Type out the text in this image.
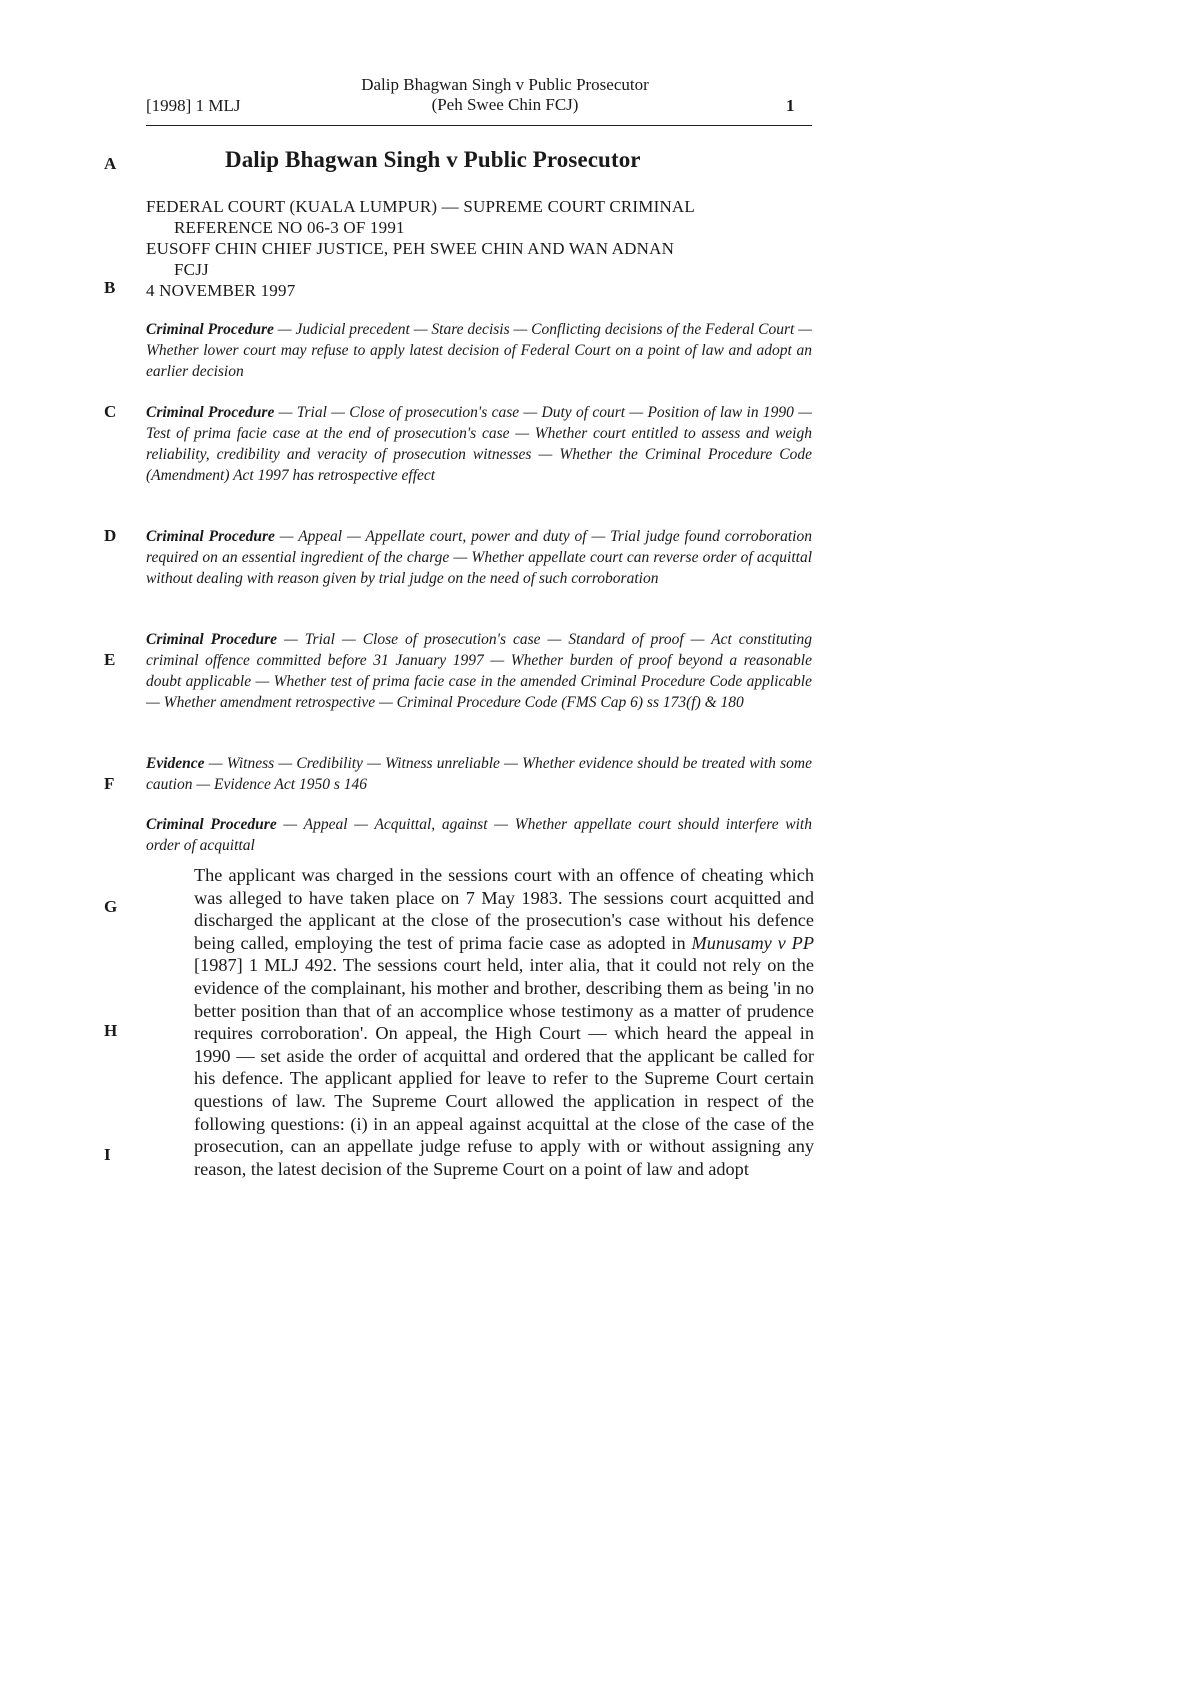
[1998] 1 MLJ
Dalip Bhagwan Singh v Public Prosecutor
(Peh Swee Chin FCJ)	1
A
B
C
D
E
F
G
H
I
Dalip Bhagwan Singh v Public Prosecutor
FEDERAL COURT (KUALA LUMPUR) — SUPREME COURT CRIMINAL
REFERENCE NO 06-3 OF 1991
EUSOFF CHIN CHIEF JUSTICE, PEH SWEE CHIN AND WAN ADNAN
FCJJ
4 NOVEMBER 1997
Criminal Procedure — Judicial precedent — Stare decisis — Conflicting decisions of the Federal Court — Whether lower court may refuse to apply latest decision of Federal Court on a point of law and adopt an earlier decision
Criminal Procedure — Trial — Close of prosecution's case — Duty of court — Position of law in 1990 — Test of prima facie case at the end of prosecution's case — Whether court entitled to assess and weigh reliability, credibility and veracity of prosecution witnesses — Whether the Criminal Procedure Code (Amendment) Act 1997 has retrospective effect
Criminal Procedure — Appeal — Appellate court, power and duty of — Trial judge found corroboration required on an essential ingredient of the charge — Whether appellate court can reverse order of acquittal without dealing with reason given by trial judge on the need of such corroboration
Criminal Procedure — Trial — Close of prosecution's case — Standard of proof — Act constituting criminal offence committed before 31 January 1997 — Whether burden of proof beyond a reasonable doubt applicable — Whether test of prima facie case in the amended Criminal Procedure Code applicable — Whether amendment retrospective — Criminal Procedure Code (FMS Cap 6) ss 173(f) & 180
Evidence — Witness — Credibility — Witness unreliable — Whether evidence should be treated with some caution — Evidence Act 1950 s 146
Criminal Procedure — Appeal — Acquittal, against — Whether appellate court should interfere with order of acquittal
The applicant was charged in the sessions court with an offence of cheating which was alleged to have taken place on 7 May 1983. The sessions court acquitted and discharged the applicant at the close of the prosecution's case without his defence being called, employing the test of prima facie case as adopted in Munusamy v PP [1987] 1 MLJ 492. The sessions court held, inter alia, that it could not rely on the evidence of the complainant, his mother and brother, describing them as being 'in no better position than that of an accomplice whose testimony as a matter of prudence requires corroboration'. On appeal, the High Court — which heard the appeal in 1990 — set aside the order of acquittal and ordered that the applicant be called for his defence. The applicant applied for leave to refer to the Supreme Court certain questions of law. The Supreme Court allowed the application in respect of the following questions: (i) in an appeal against acquittal at the close of the case of the prosecution, can an appellate judge refuse to apply with or without assigning any reason, the latest decision of the Supreme Court on a point of law and adopt
